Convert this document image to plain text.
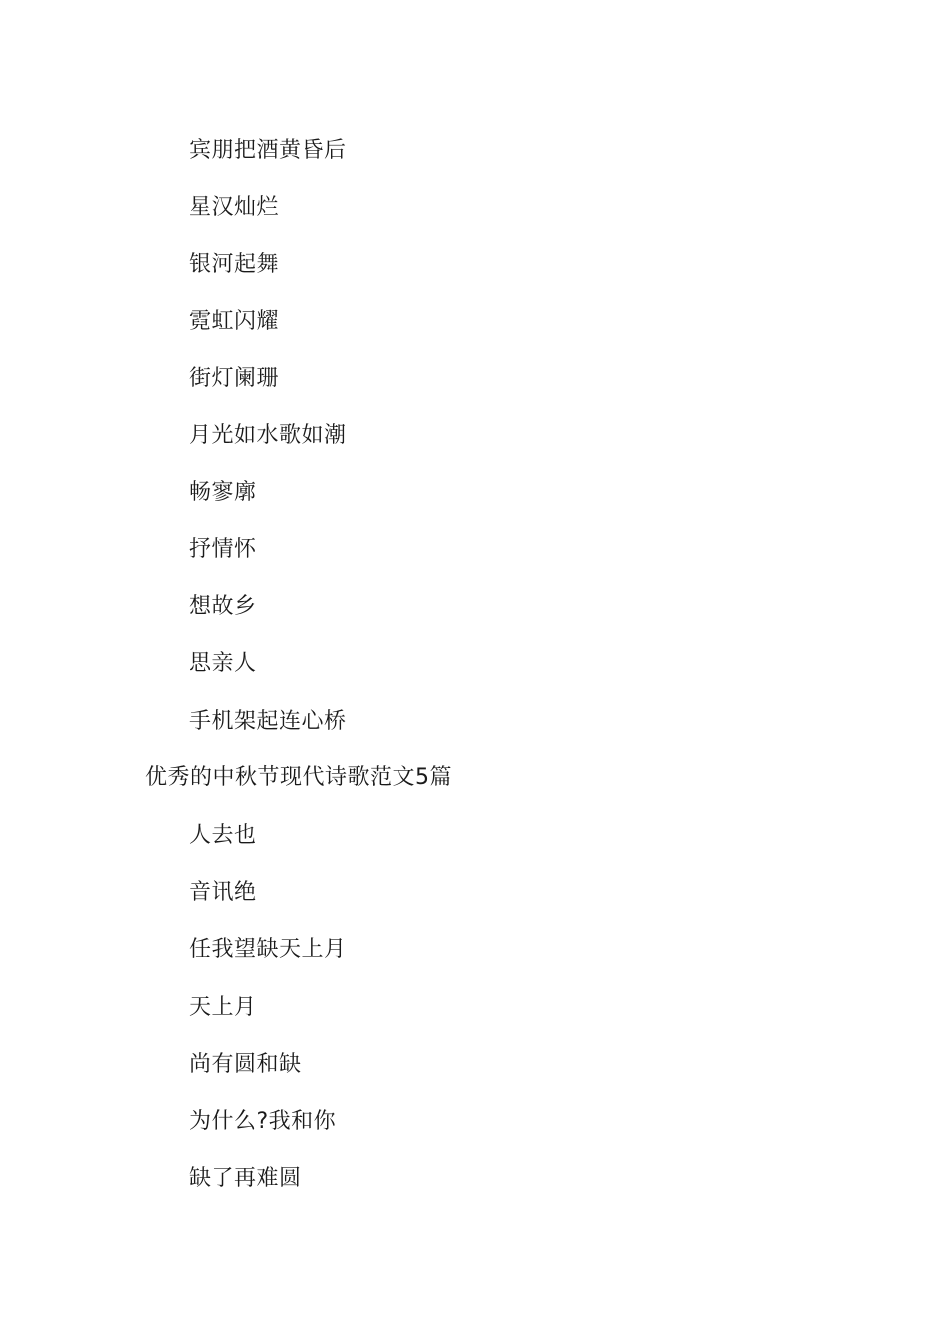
宾朋把酒黄昏后
星汉灿烂
银河起舞
霓虹闪耀
街灯阑珊
月光如水歌如潮
畅寥廓
抒情怀
想故乡
思亲人
手机架起连心桥
优秀的中秋节现代诗歌范文5篇
人去也
音讯绝
任我望缺天上月
天上月
尚有圆和缺
为什么?我和你
缺了再难圆
